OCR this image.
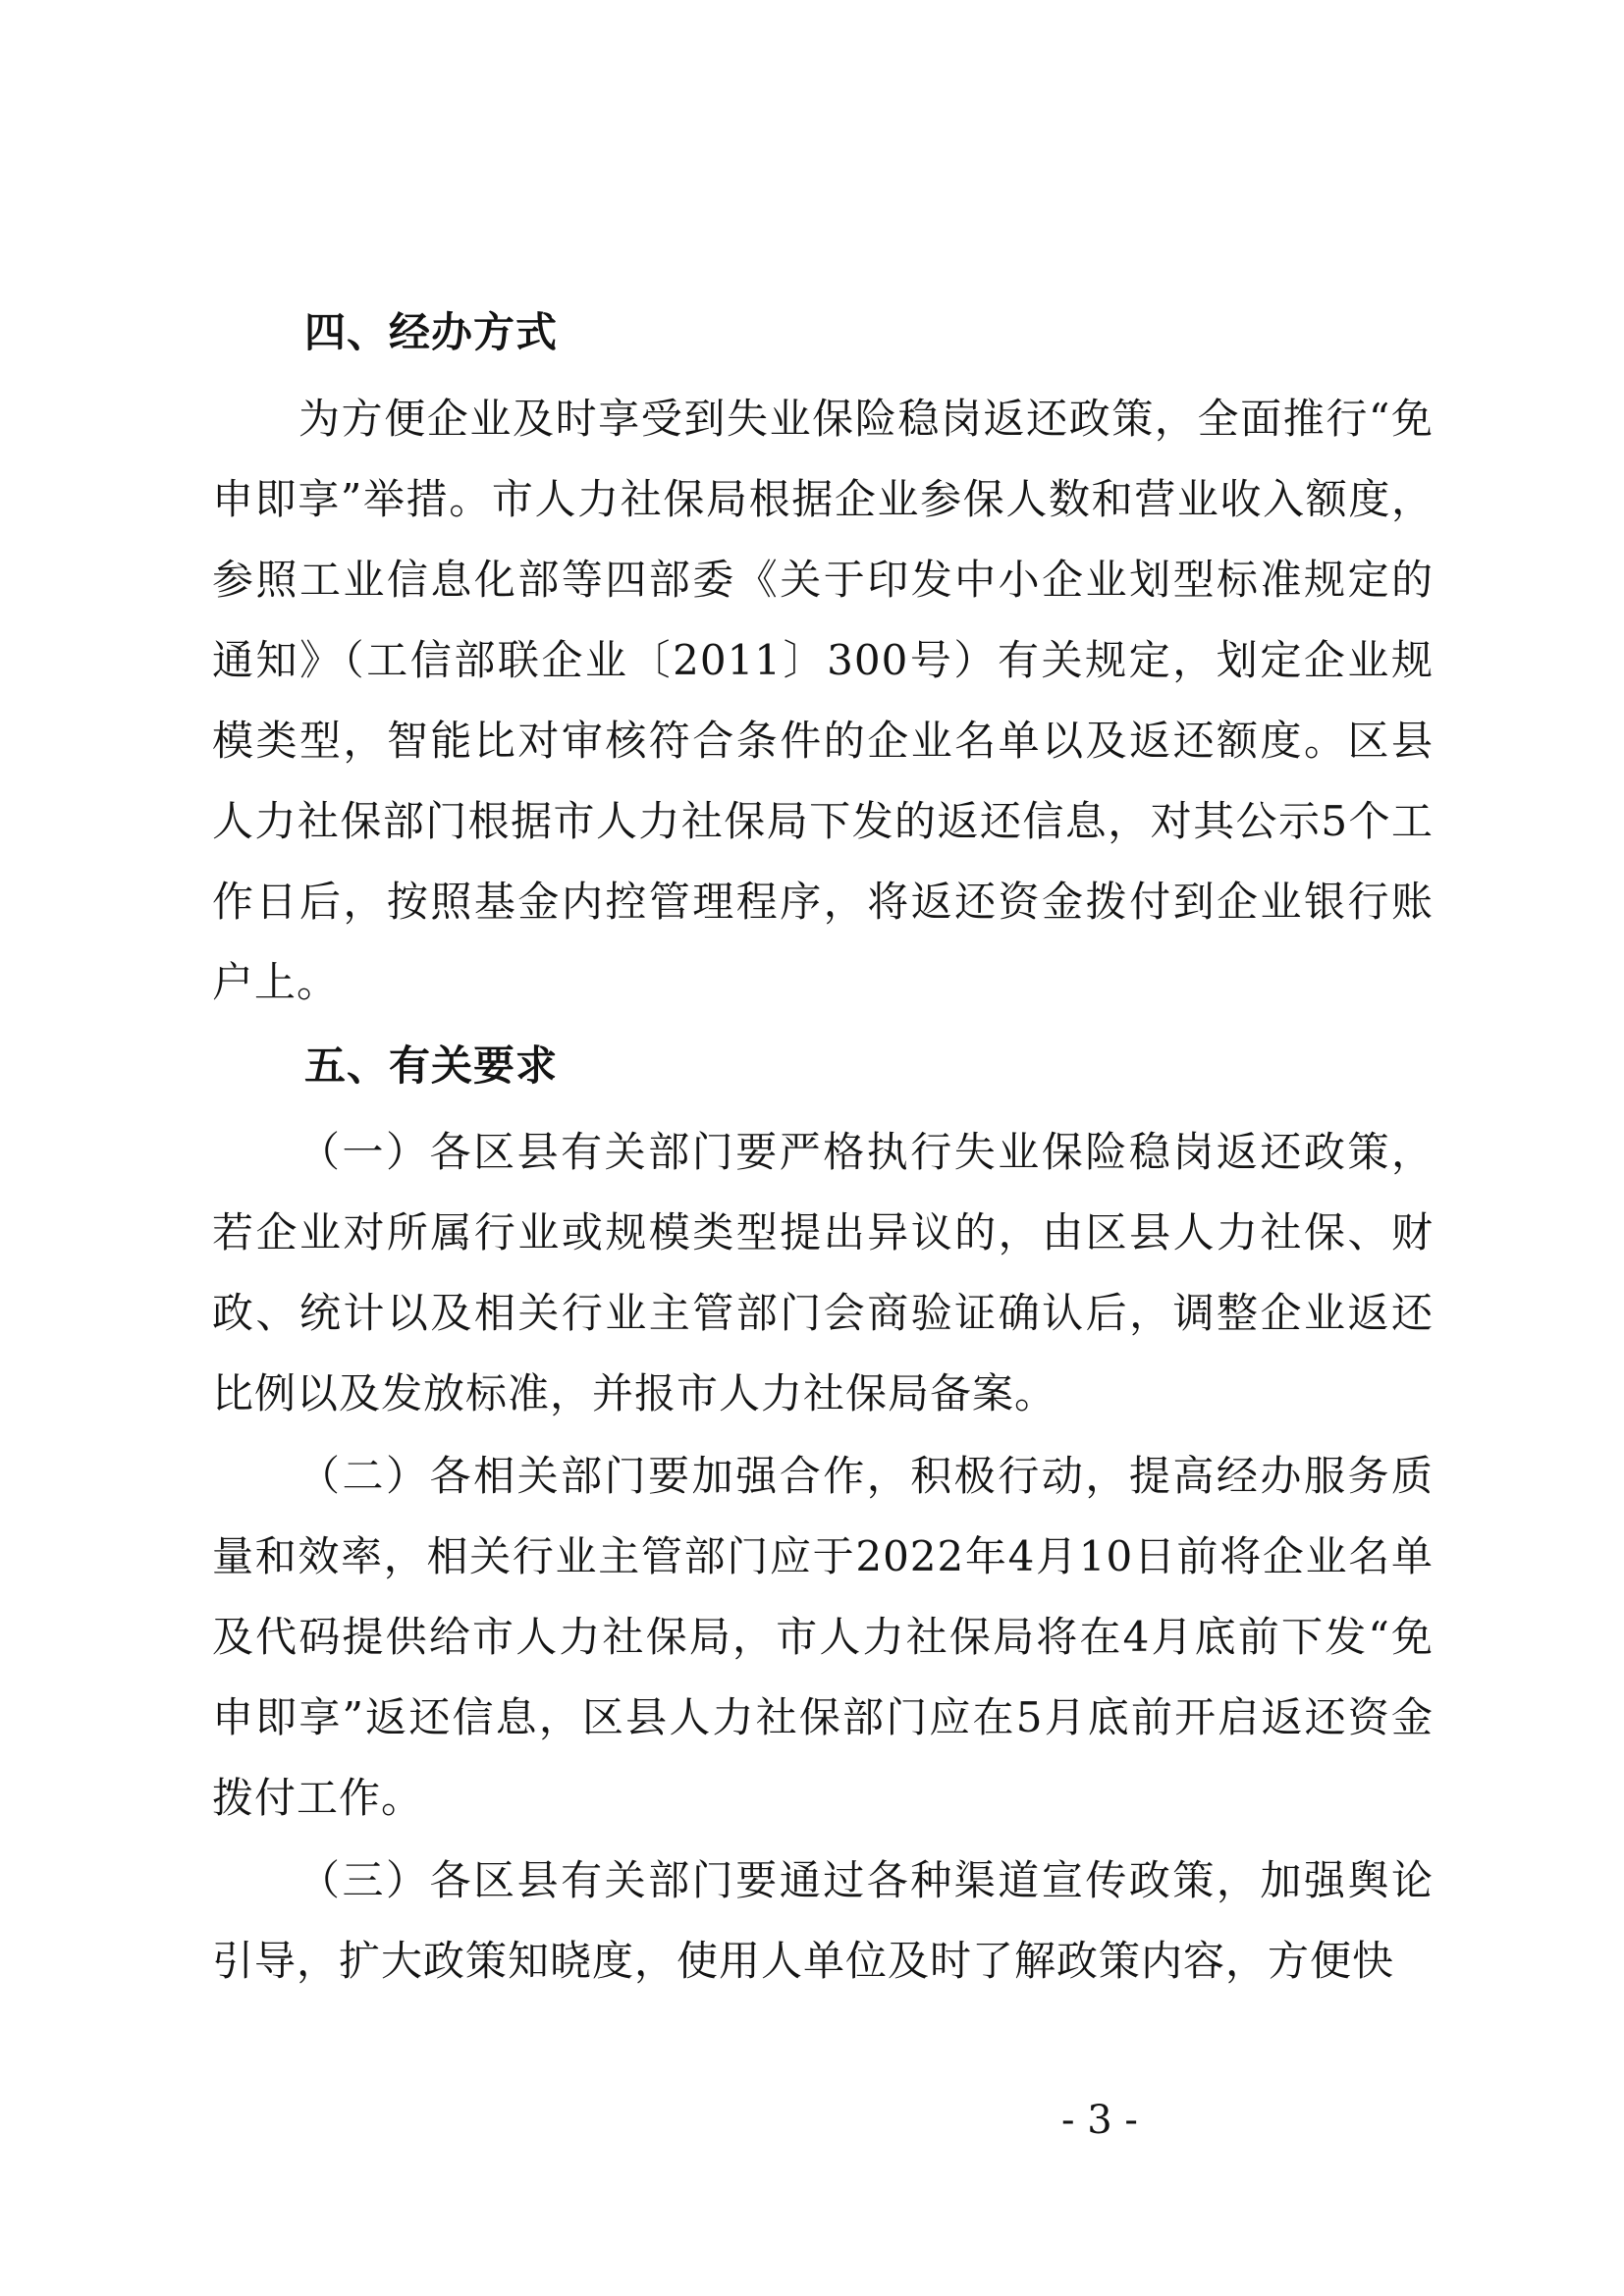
四、经办方式

为方便企业及时享受到失业保险稳岗返还政策，全面推行“免申即享”举措。市人力社保局根据企业参保人数和营业收入额度，参照工业信息化部等四部委《关于印发中小企业划型标准规定的通知》（工信部联企业〔2011〕300号）有关规定，划定企业规模类型，智能比对审核符合条件的企业名单以及返还额度。区县人力社保部门根据市人力社保局下发的返还信息，对其公示5个工作日后，按照基金内控管理程序，将返还资金拨付到企业银行账户上。

五、有关要求

（一）各区县有关部门要严格执行失业保险稳岗返还政策，若企业对所属行业或规模类型提出异议的，由区县人力社保、财政、统计以及相关行业主管部门会商验证确认后，调整企业返还比例以及发放标准，并报市人力社保局备案。

（二）各相关部门要加强合作，积极行动，提高经办服务质量和效率，相关行业主管部门应于2022年4月10日前将企业名单及代码提供给市人力社保局，市人力社保局将在4月底前下发“免申即享”返还信息，区县人力社保部门应在5月底前开启返还资金拨付工作。

（三）各区县有关部门要通过各种渠道宣传政策，加强舆论引导，扩大政策知晓度，使用人单位及时了解政策内容，方便快

- 3 -
